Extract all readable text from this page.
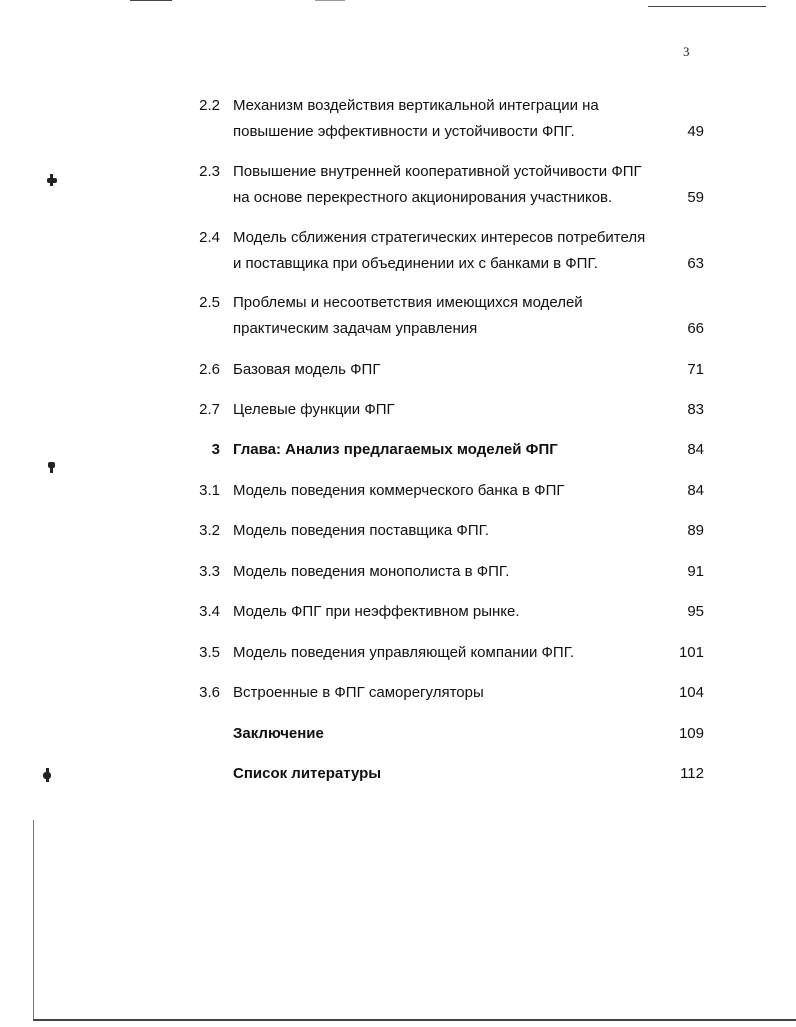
3
2.2 Механизм воздействия вертикальной интеграции на
повышение эффективности и устойчивости ФПГ.	49
2.3 Повышение внутренней кооперативной устойчивости ФПГ
на основе перекрестного акционирования участников.	59
2.4 Модель сближения стратегических интересов потребителя
и поставщика при объединении их с банками в ФПГ.	63
2.5 Проблемы и несоответствия имеющихся моделей
практическим задачам управления	66
2.6 Базовая модель ФПГ	71
2.7 Целевые функции ФПГ	83
3 Глава: Анализ предлагаемых моделей ФПГ	84
3.1 Модель поведения коммерческого банка в ФПГ	84
3.2 Модель поведения поставщика ФПГ.	89
3.3 Модель поведения монополиста в ФПГ.	91
3.4 Модель ФПГ при неэффективном рынке.	95
3.5 Модель поведения управляющей компании ФПГ.	101
3.6 Встроенные в ФПГ саморегуляторы	104
Заключение	109
Список литературы	112
